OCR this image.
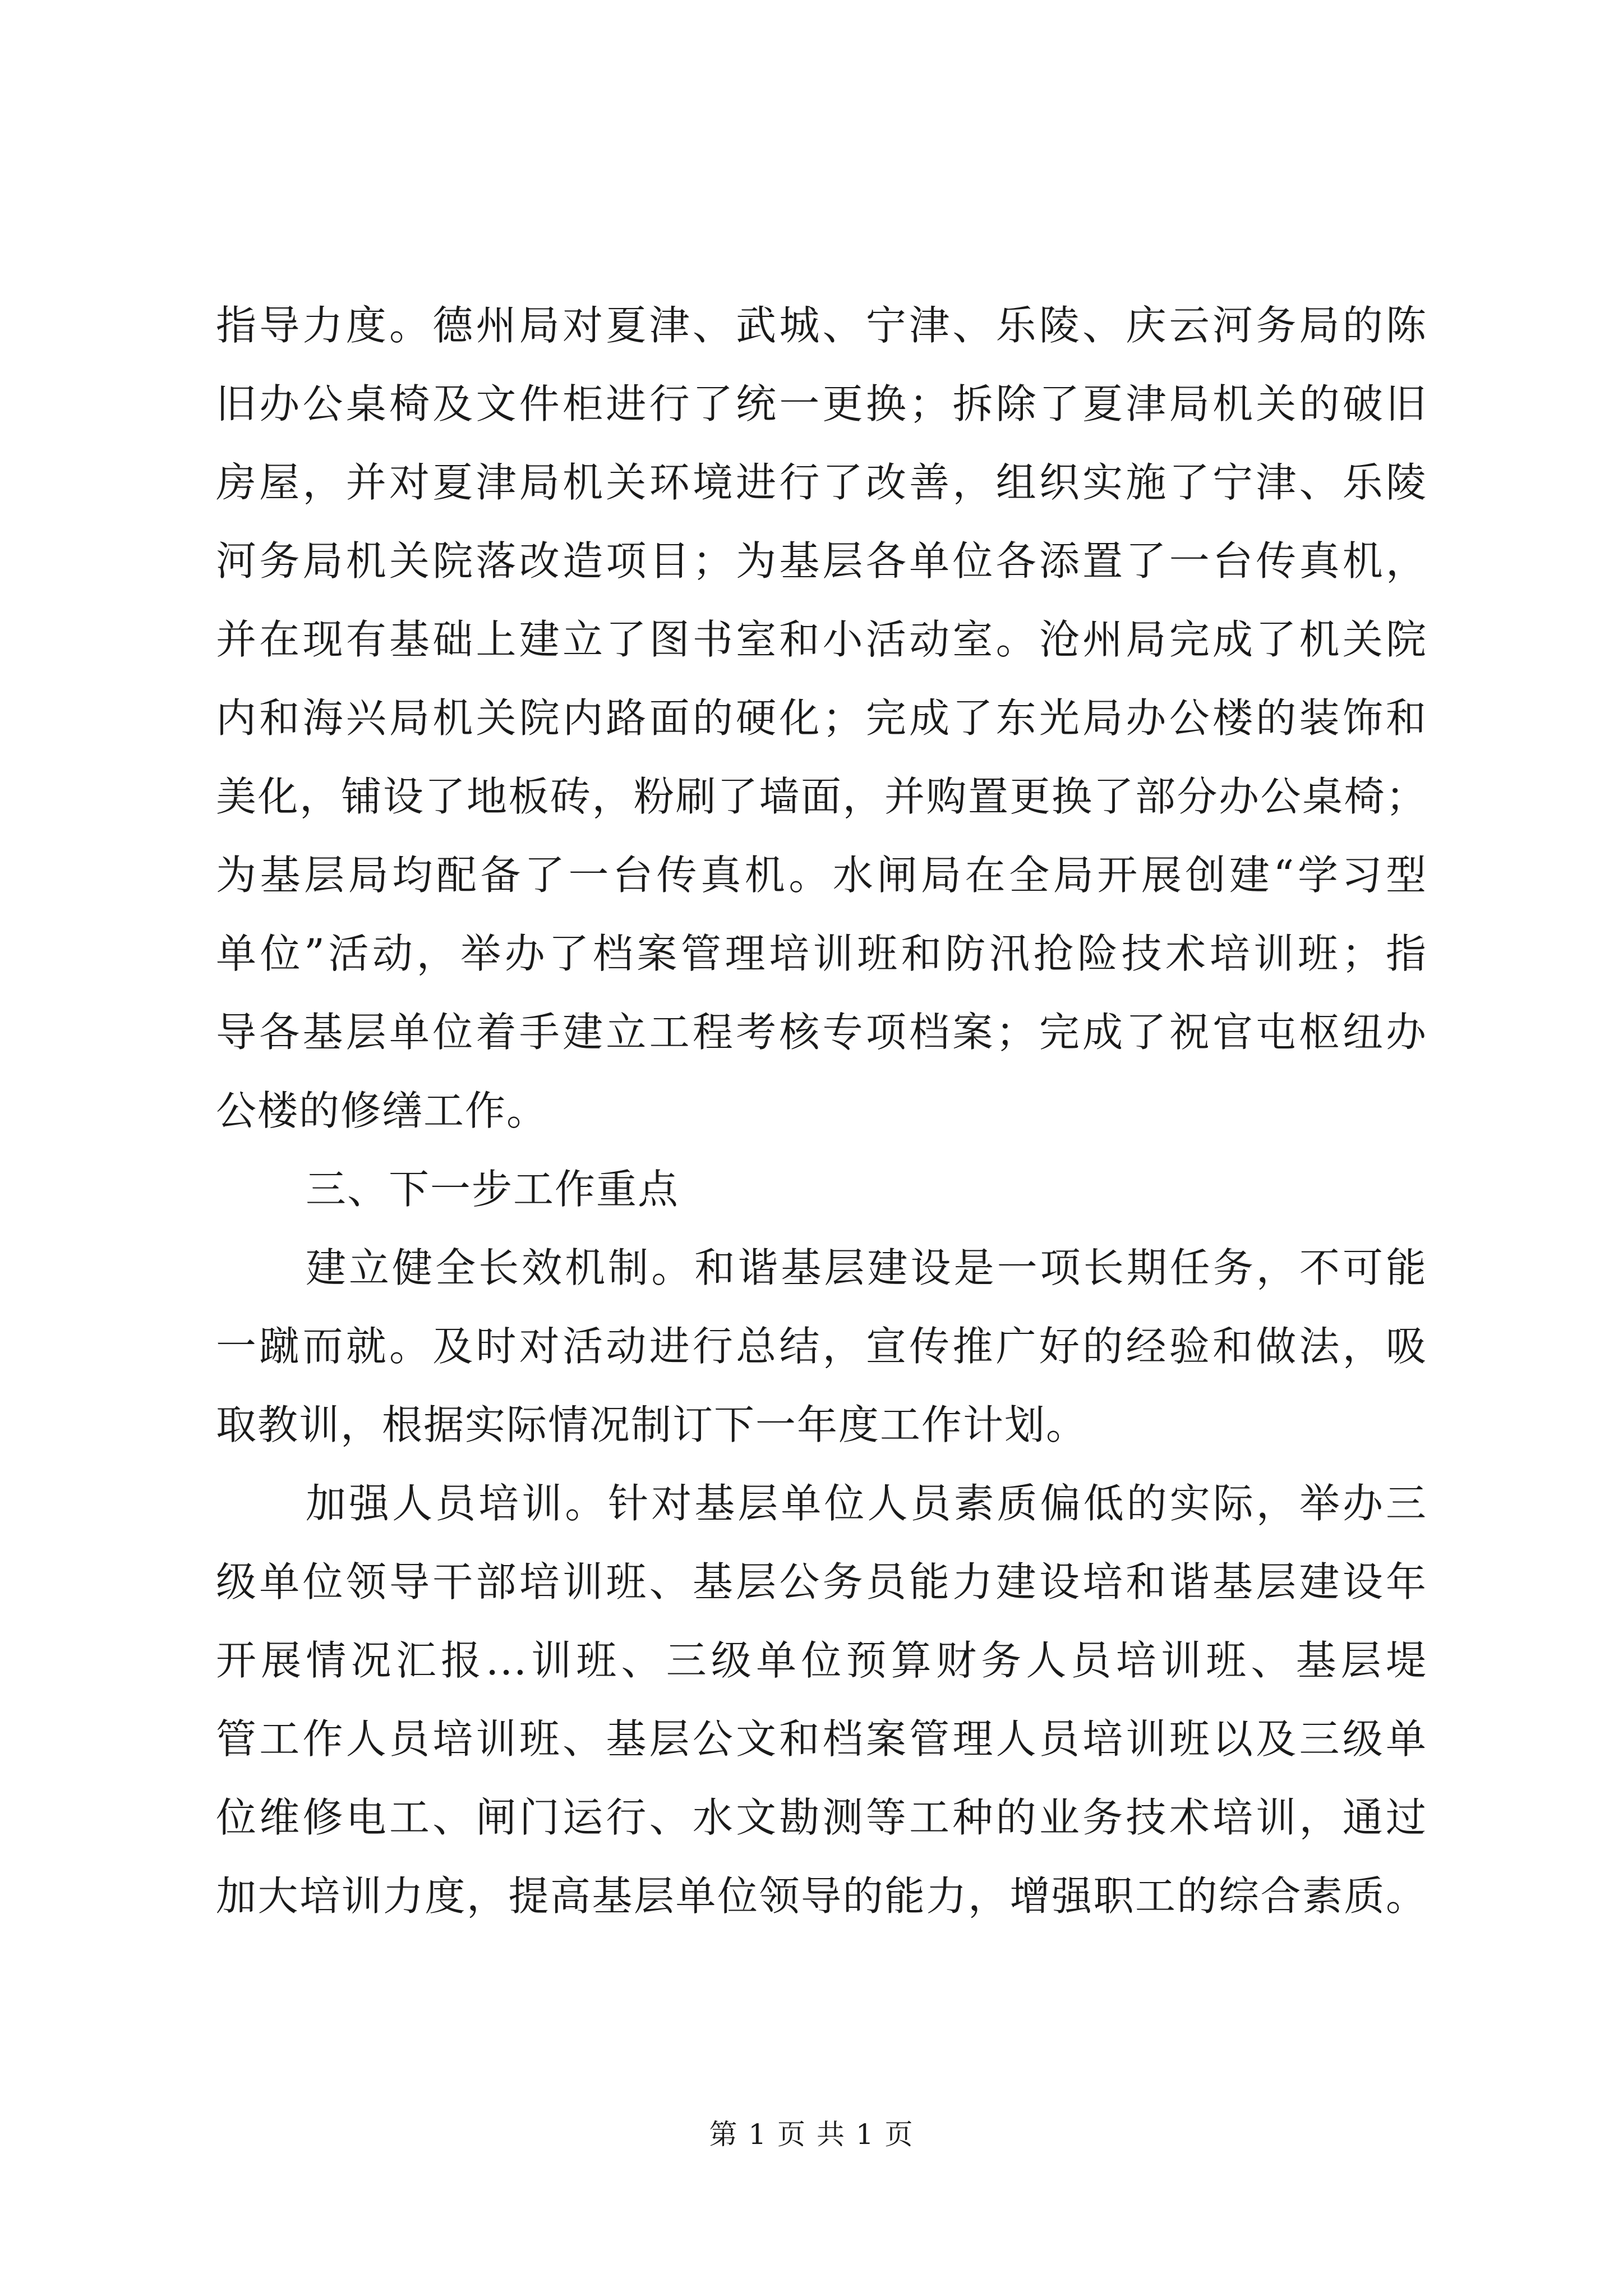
指导力度。德州局对夏津、武城、宁津、乐陵、庆云河务局的陈
旧办公桌椅及文件柜进行了统一更换；拆除了夏津局机关的破旧
房屋，并对夏津局机关环境进行了改善，组织实施了宁津、乐陵
河务局机关院落改造项目；为基层各单位各添置了一台传真机，
并在现有基础上建立了图书室和小活动室。沧州局完成了机关院
内和海兴局机关院内路面的硬化；完成了东光局办公楼的装饰和
美化，铺设了地板砖，粉刷了墙面，并购置更换了部分办公桌椅；
为基层局均配备了一台传真机。水闸局在全局开展创建“学习型
单位”活动，举办了档案管理培训班和防汛抢险技术培训班；指
导各基层单位着手建立工程考核专项档案；完成了祝官屯枢纽办
公楼的修缮工作。
三、下一步工作重点
建立健全长效机制。和谐基层建设是一项长期任务，不可能
一蹴而就。及时对活动进行总结，宣传推广好的经验和做法，吸
取教训，根据实际情况制订下一年度工作计划。
加强人员培训。针对基层单位人员素质偏低的实际，举办三
级单位领导干部培训班、基层公务员能力建设培和谐基层建设年
开展情况汇报...训班、三级单位预算财务人员培训班、基层堤
管工作人员培训班、基层公文和档案管理人员培训班以及三级单
位维修电工、闸门运行、水文勘测等工种的业务技术培训，通过
加大培训力度，提高基层单位领导的能力，增强职工的综合素质。
第 1 页 共 1 页
